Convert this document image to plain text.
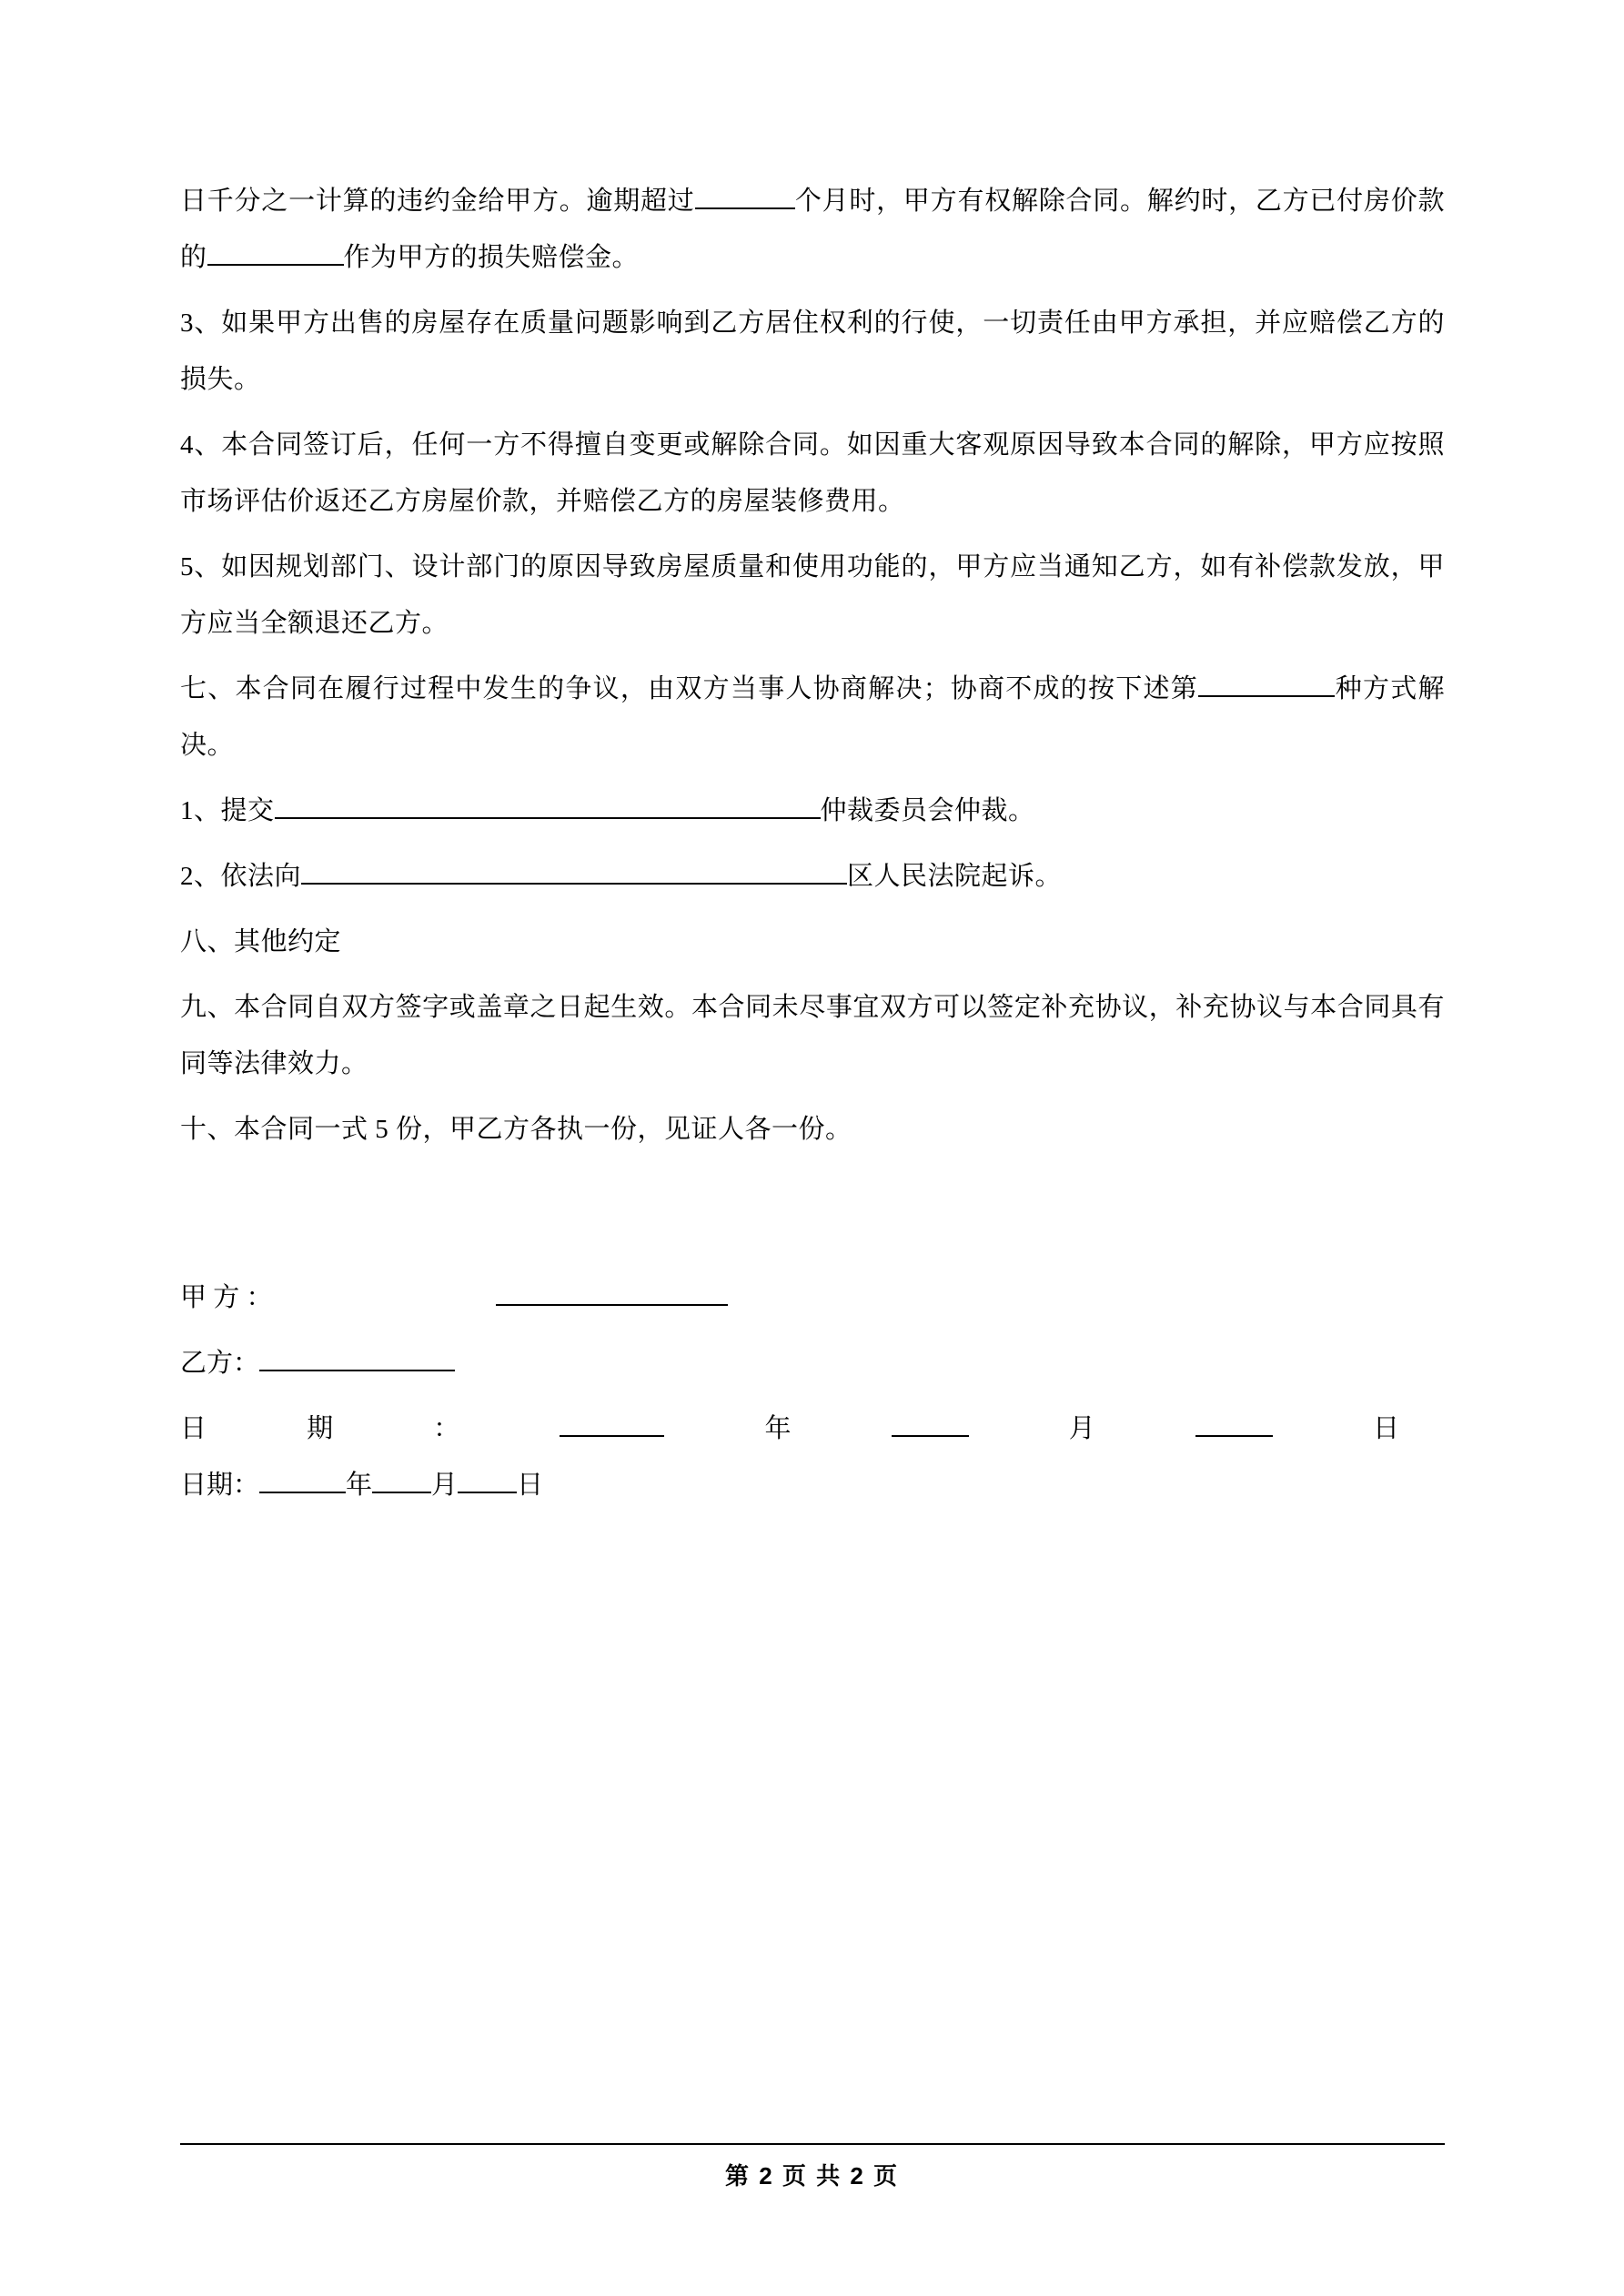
日千分之一计算的违约金给甲方。逾期超过	个月时，甲方有权解除合同。解约时，乙方已付房价款的	作为甲方的损失赔偿金。

3、如果甲方出售的房屋存在质量问题影响到乙方居住权利的行使，一切责任由甲方承担，并应赔偿乙方的损失。

4、本合同签订后，任何一方不得擅自变更或解除合同。如因重大客观原因导致本合同的解除，甲方应按照市场评估价返还乙方房屋价款，并赔偿乙方的房屋装修费用。

5、如因规划部门、设计部门的原因导致房屋质量和使用功能的，甲方应当通知乙方，如有补偿款发放，甲方应当全额退还乙方。

七、本合同在履行过程中发生的争议，由双方当事人协商解决；协商不成的按下述第	种方式解决。

1、提交	仲裁委员会仲裁。

2、依法向	区人民法院起诉。

八、其他约定

九、本合同自双方签字或盖章之日起生效。本合同未尽事宜双方可以签定补充协议，补充协议与本合同具有同等法律效力。

十、本合同一式 5 份，甲乙方各执一份，见证人各一份。

甲 方 ：
乙方：
日	期	：	年	月	日

日期：	年 月 日

第 2 页 共 2 页
